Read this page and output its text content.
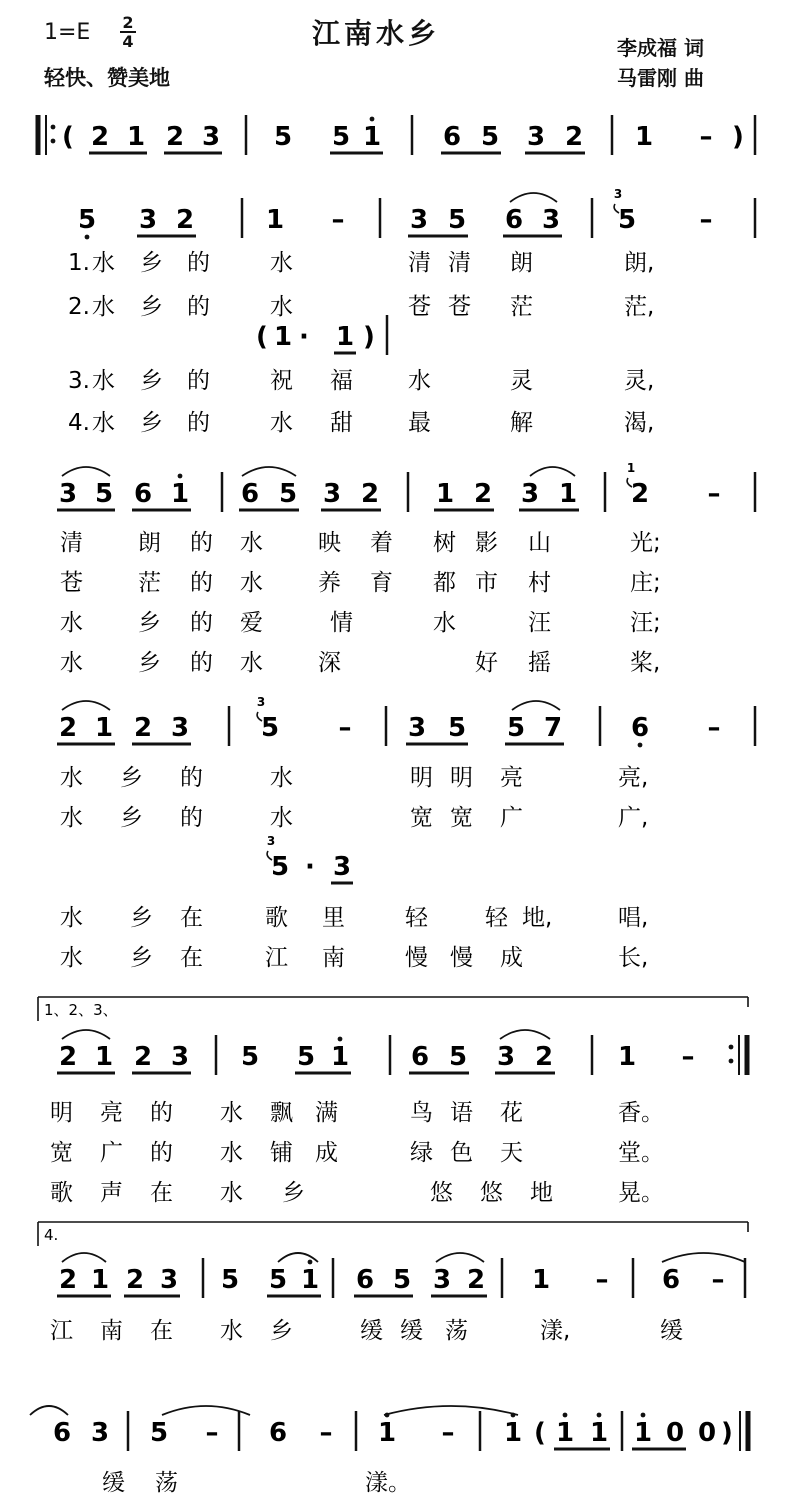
1=E 2
4	江南水乡
轻快、赞美地
李成福 词
马雷刚 曲
( 2 1 2 3 5 5 1 6 5 3 2 1 – )
5 3 2	1 –	3 5 6 3 5
3
–
( 1 · 1 )
3 5 6 1 6 5 3 2 1 2 3 1 2
1
–
2 1 2 3	5
3
– 3 5 5 7	6 –
5
3
· 3
2 1 2 3 5 5 1 6 5 3 2 1 –
2 1 2 3 5 5 1 6 5 3 2 1 – 6 –
6 3 5 – 6 – 1 – 1 ( 1 1 1 0 0 )
1、2、3、
4.
1. 水 乡 的	水	清 清 朗	朗,
2. 水 乡 的	水	苍 苍 茫	茫,
3. 水 乡 的	祝 福 水	灵	灵,
4. 水 乡 的	水 甜 最	解	渴,
清 朗 的 水 映 着 树 影 山	光;
苍 茫 的 水 养 育 都 市 村	庄;
水 乡 的 爱	情	水	汪	汪;
水 乡 的 水 深	好 摇	桨,
水 乡 的	水	明 明 亮	亮,
水 乡 的	水	宽 宽 广	广,
水 乡 在	歌 里	轻 轻 地,	唱,
水 乡 在	江 南	慢 慢 成	长,
明 亮 的 水 飘 满	鸟 语 花	香。
宽 广 的 水 铺 成	绿 色 天	堂。
歌 声 在 水 乡	悠 悠 地	晃。
江 南 在 水 乡	缓 缓 荡	漾,	缓
缓 荡	漾。
